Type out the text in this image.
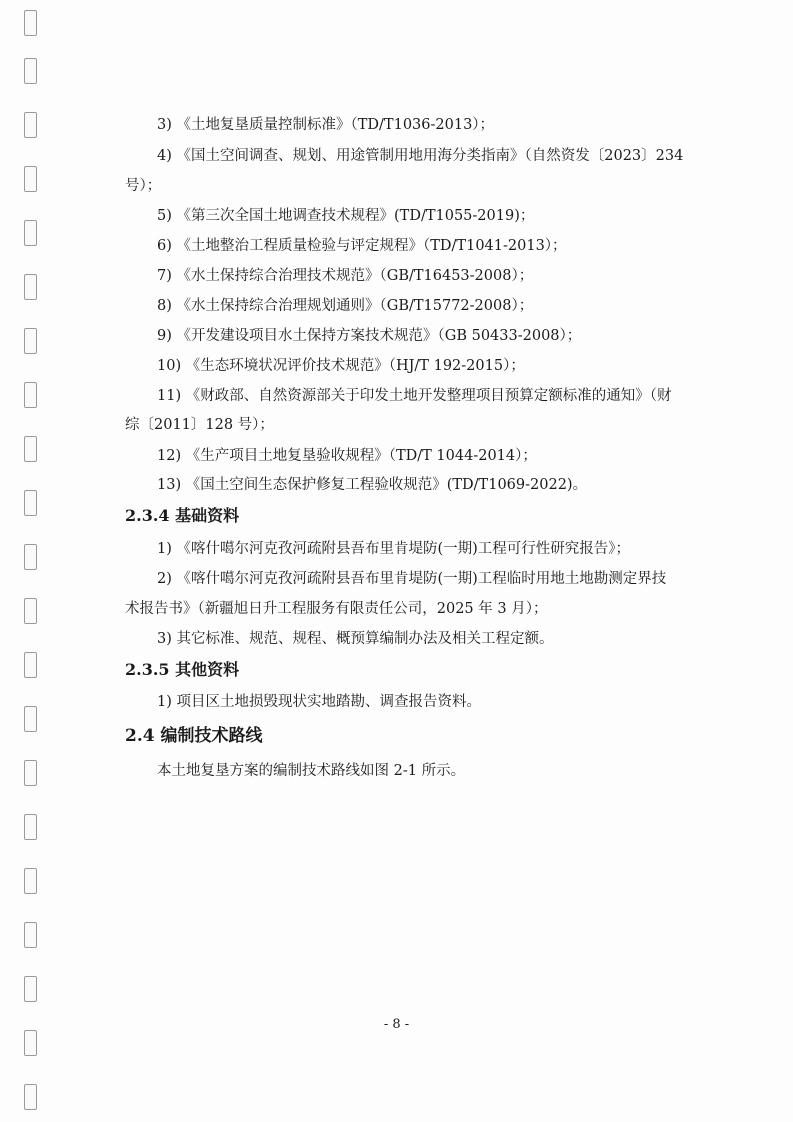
3) 《土地复垦质量控制标准》（TD/T1036-2013）；
4) 《国土空间调查、规划、用途管制用地用海分类指南》（自然资发〔2023〕234
号）；
5) 《第三次全国土地调查技术规程》(TD/T1055-2019)；
6) 《土地整治工程质量检验与评定规程》（TD/T1041-2013）；
7) 《水土保持综合治理技术规范》（GB/T16453-2008）；
8) 《水土保持综合治理规划通则》（GB/T15772-2008）；
9) 《开发建设项目水土保持方案技术规范》（GB 50433-2008）；
10) 《生态环境状况评价技术规范》（HJ/T 192-2015）；
11) 《财政部、自然资源部关于印发土地开发整理项目预算定额标准的通知》（财
综〔2011〕128 号）；
12) 《生产项目土地复垦验收规程》（TD/T 1044-2014）；
13) 《国土空间生态保护修复工程验收规范》(TD/T1069-2022)。
2.3.4 基础资料
1) 《喀什噶尔河克孜河疏附县吾布里肯堤防(一期)工程可行性研究报告》；
2) 《喀什噶尔河克孜河疏附县吾布里肯堤防(一期)工程临时用地土地勘测定界技
术报告书》（新疆旭日升工程服务有限责任公司，2025 年 3 月）；
3) 其它标准、规范、规程、概预算编制办法及相关工程定额。
2.3.5 其他资料
1) 项目区土地损毁现状实地踏勘、调查报告资料。
2.4 编制技术路线
本土地复垦方案的编制技术路线如图 2-1 所示。
- 8 -
